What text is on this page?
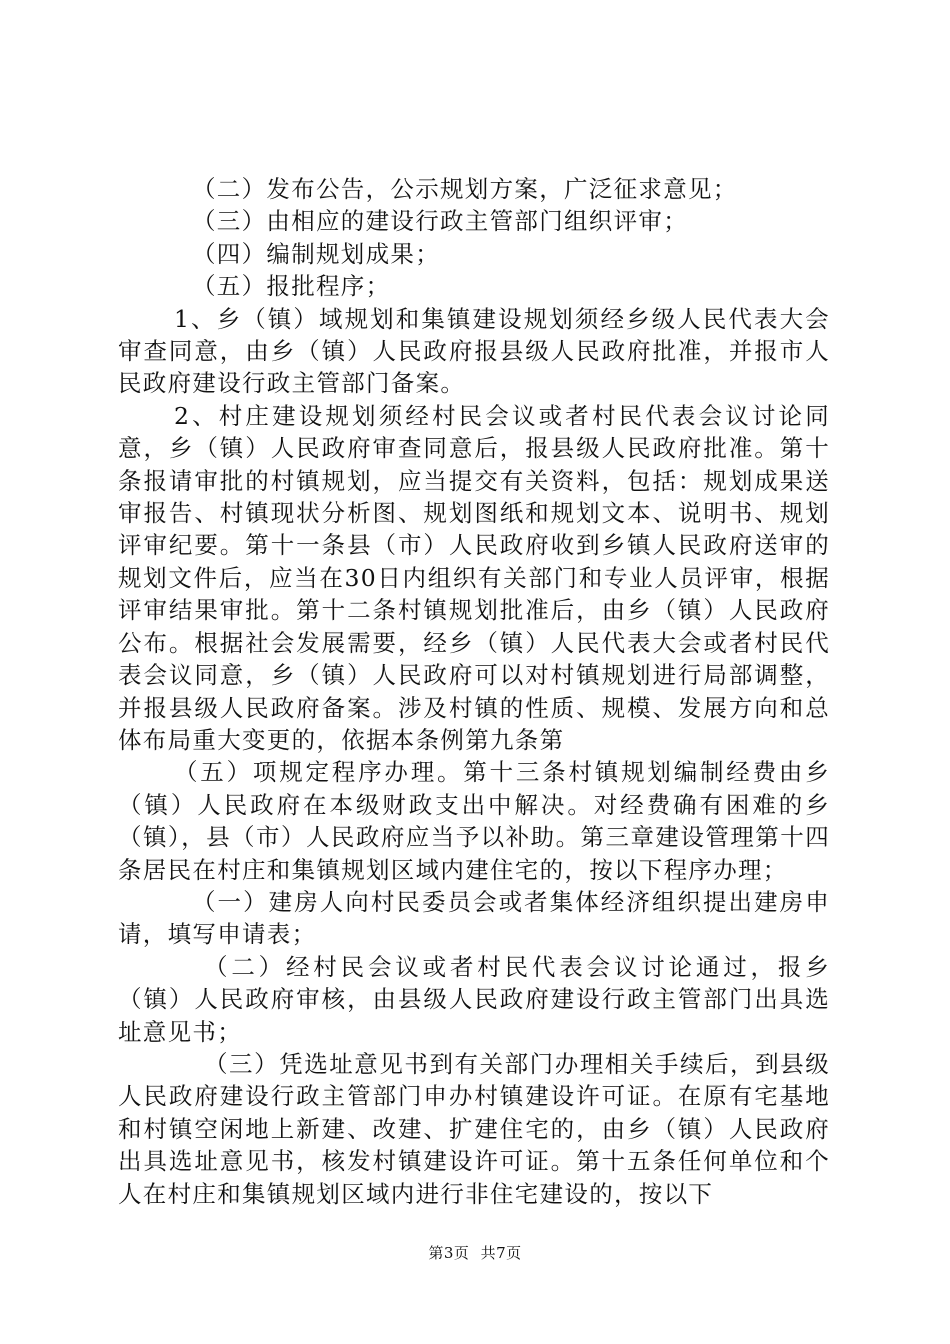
（二）发布公告，公示规划方案，广泛征求意见；

（三）由相应的建设行政主管部门组织评审；

（四）编制规划成果；

（五）报批程序；

1、乡（镇）域规划和集镇建设规划须经乡级人民代表大会审查同意，由乡（镇）人民政府报县级人民政府批准，并报市人民政府建设行政主管部门备案。

2、村庄建设规划须经村民会议或者村民代表会议讨论同意，乡（镇）人民政府审查同意后，报县级人民政府批准。第十条报请审批的村镇规划，应当提交有关资料，包括：规划成果送审报告、村镇现状分析图、规划图纸和规划文本、说明书、规划评审纪要。第十一条县（市）人民政府收到乡镇人民政府送审的规划文件后，应当在30日内组织有关部门和专业人员评审，根据评审结果审批。第十二条村镇规划批准后，由乡（镇）人民政府公布。根据社会发展需要，经乡（镇）人民代表大会或者村民代表会议同意，乡（镇）人民政府可以对村镇规划进行局部调整，并报县级人民政府备案。涉及村镇的性质、规模、发展方向和总体布局重大变更的，依据本条例第九条第

（五）项规定程序办理。第十三条村镇规划编制经费由乡（镇）人民政府在本级财政支出中解决。对经费确有困难的乡（镇），县（市）人民政府应当予以补助。第三章建设管理第十四条居民在村庄和集镇规划区域内建住宅的，按以下程序办理；

（一）建房人向村民委员会或者集体经济组织提出建房申请，填写申请表；

（二）经村民会议或者村民代表会议讨论通过，报乡（镇）人民政府审核，由县级人民政府建设行政主管部门出具选址意见书；

（三）凭选址意见书到有关部门办理相关手续后，到县级人民政府建设行政主管部门申办村镇建设许可证。在原有宅基地和村镇空闲地上新建、改建、扩建住宅的，由乡（镇）人民政府出具选址意见书，核发村镇建设许可证。第十五条任何单位和个人在村庄和集镇规划区域内进行非住宅建设的，按以下

第3页 共7页
